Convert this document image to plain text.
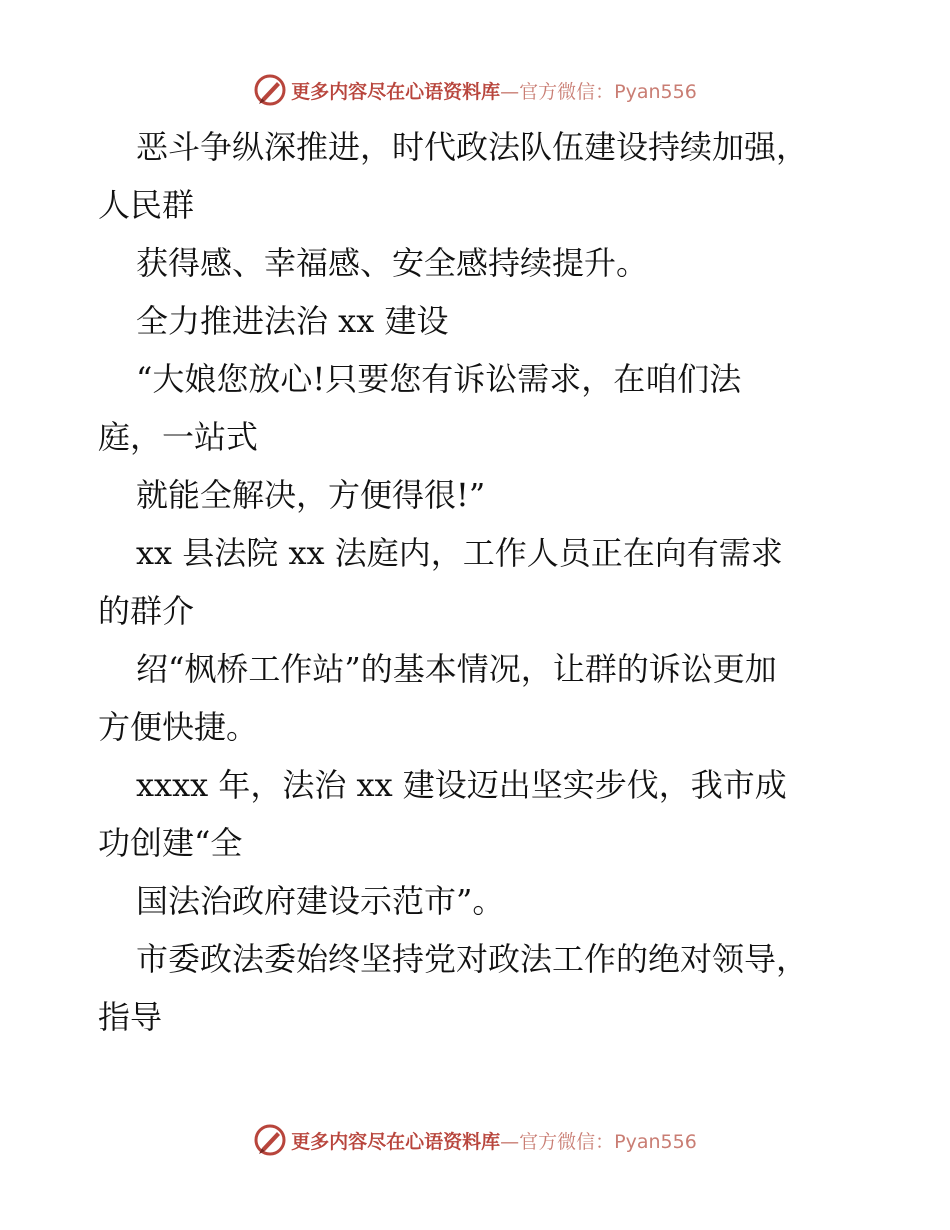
更多内容尽在心语资料库—官方微信：Pyan556
恶斗争纵深推进，时代政法队伍建设持续加强，
人民群
获得感、幸福感、安全感持续提升。
全力推进法治 xx 建设
“大娘您放心!只要您有诉讼需求，在咱们法
庭，一站式
就能全解决，方便得很!”
xx 县法院 xx 法庭内，工作人员正在向有需求
的群介
绍“枫桥工作站”的基本情况，让群的诉讼更加
方便快捷。
xxxx 年，法治 xx 建设迈出坚实步伐，我市成
功创建“全
国法治政府建设示范市”。
市委政法委始终坚持党对政法工作的绝对领导，
指导
更多内容尽在心语资料库—官方微信：Pyan556
